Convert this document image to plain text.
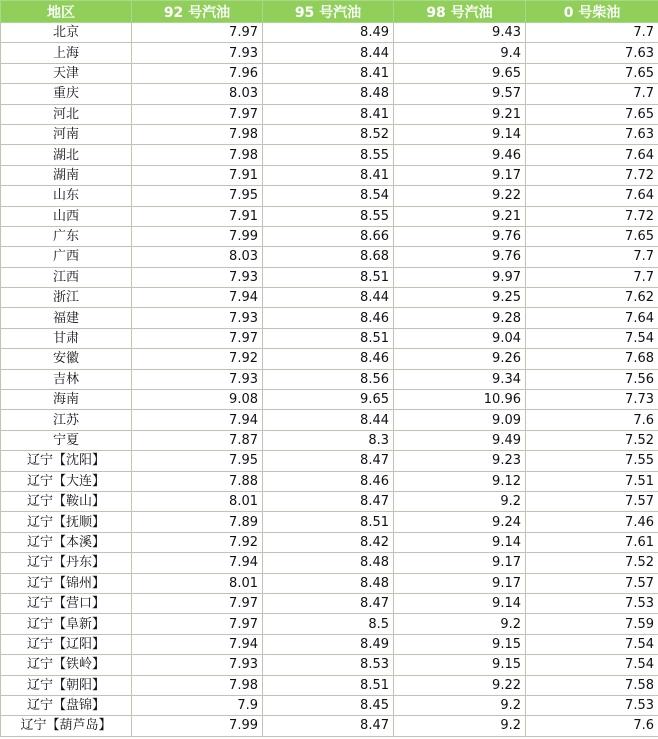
地区	92 号汽油	95 号汽油	98 号汽油	0 号柴油
北京	7.97	8.49	9.43	7.7
上海	7.93	8.44	9.4	7.63
天津	7.96	8.41	9.65	7.65
重庆	8.03	8.48	9.57	7.7
河北	7.97	8.41	9.21	7.65
河南	7.98	8.52	9.14	7.63
湖北	7.98	8.55	9.46	7.64
湖南	7.91	8.41	9.17	7.72
山东	7.95	8.54	9.22	7.64
山西	7.91	8.55	9.21	7.72
广东	7.99	8.66	9.76	7.65
广西	8.03	8.68	9.76	7.7
江西	7.93	8.51	9.97	7.7
浙江	7.94	8.44	9.25	7.62
福建	7.93	8.46	9.28	7.64
甘肃	7.97	8.51	9.04	7.54
安徽	7.92	8.46	9.26	7.68
吉林	7.93	8.56	9.34	7.56
海南	9.08	9.65	10.96	7.73
江苏	7.94	8.44	9.09	7.6
宁夏	7.87	8.3	9.49	7.52
辽宁【沈阳】	7.95	8.47	9.23	7.55
辽宁【大连】	7.88	8.46	9.12	7.51
辽宁【鞍山】	8.01	8.47	9.2	7.57
辽宁【抚顺】	7.89	8.51	9.24	7.46
辽宁【本溪】	7.92	8.42	9.14	7.61
辽宁【丹东】	7.94	8.48	9.17	7.52
辽宁【锦州】	8.01	8.48	9.17	7.57
辽宁【营口】	7.97	8.47	9.14	7.53
辽宁【阜新】	7.97	8.5	9.2	7.59
辽宁【辽阳】	7.94	8.49	9.15	7.54
辽宁【铁岭】	7.93	8.53	9.15	7.54
辽宁【朝阳】	7.98	8.51	9.22	7.58
辽宁【盘锦】	7.9	8.45	9.2	7.53
辽宁【葫芦岛】	7.99	8.47	9.2	7.6
